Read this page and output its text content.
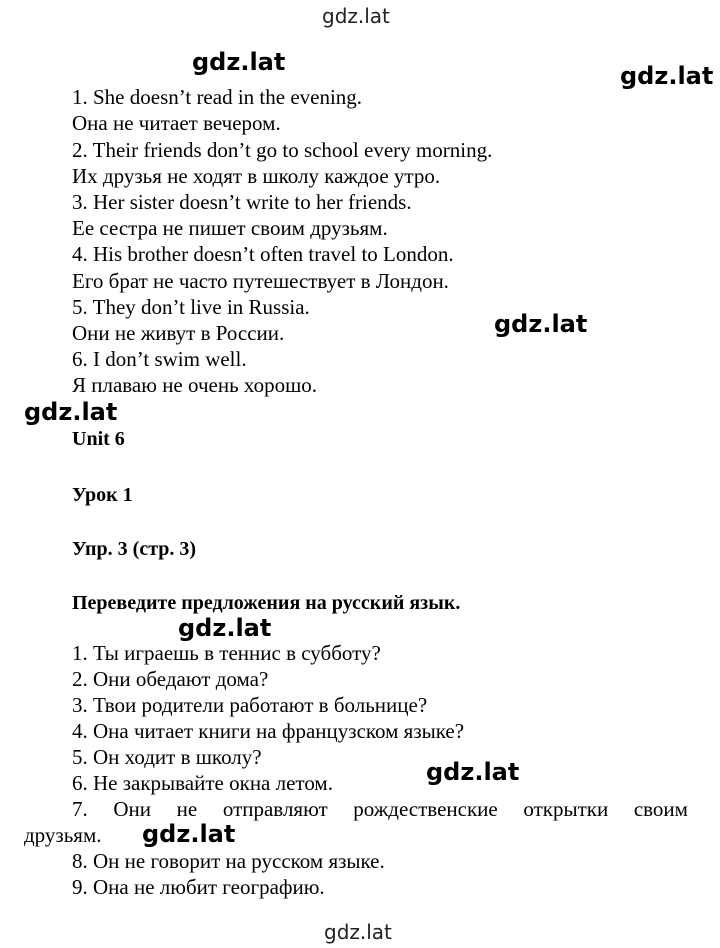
gdz.lat
gdz.lat	gdz.lat
gdz.lat
gdz.lat
gdz.lat
gdz.lat
gdz.lat
gdz.lat
1. She doesn’t read in the evening.
Она не читает вечером.
2. Their friends don’t go to school every morning.
Их друзья не ходят в школу каждое утро.
3. Her sister doesn’t write to her friends.
Ее сестра не пишет своим друзьям.
4. His brother doesn’t often travel to London.
Его брат не часто путешествует в Лондон.
5. They don’t live in Russia.
Они не живут в России.
6. I don’t swim well.
Я плаваю не очень хорошо.
Unit 6
Урок 1
Упр. 3 (стр. 3)
Переведите предложения на русский язык.
1. Ты играешь в теннис в субботу?
2. Они обедают дома?
3. Твои родители работают в больнице?
4. Она читает книги на французском языке?
5. Он ходит в школу?
6. Не закрывайте окна летом.
7. Они не отправляют рождественские открытки своим
друзьям.
8. Он не говорит на русском языке.
9. Она не любит географию.
